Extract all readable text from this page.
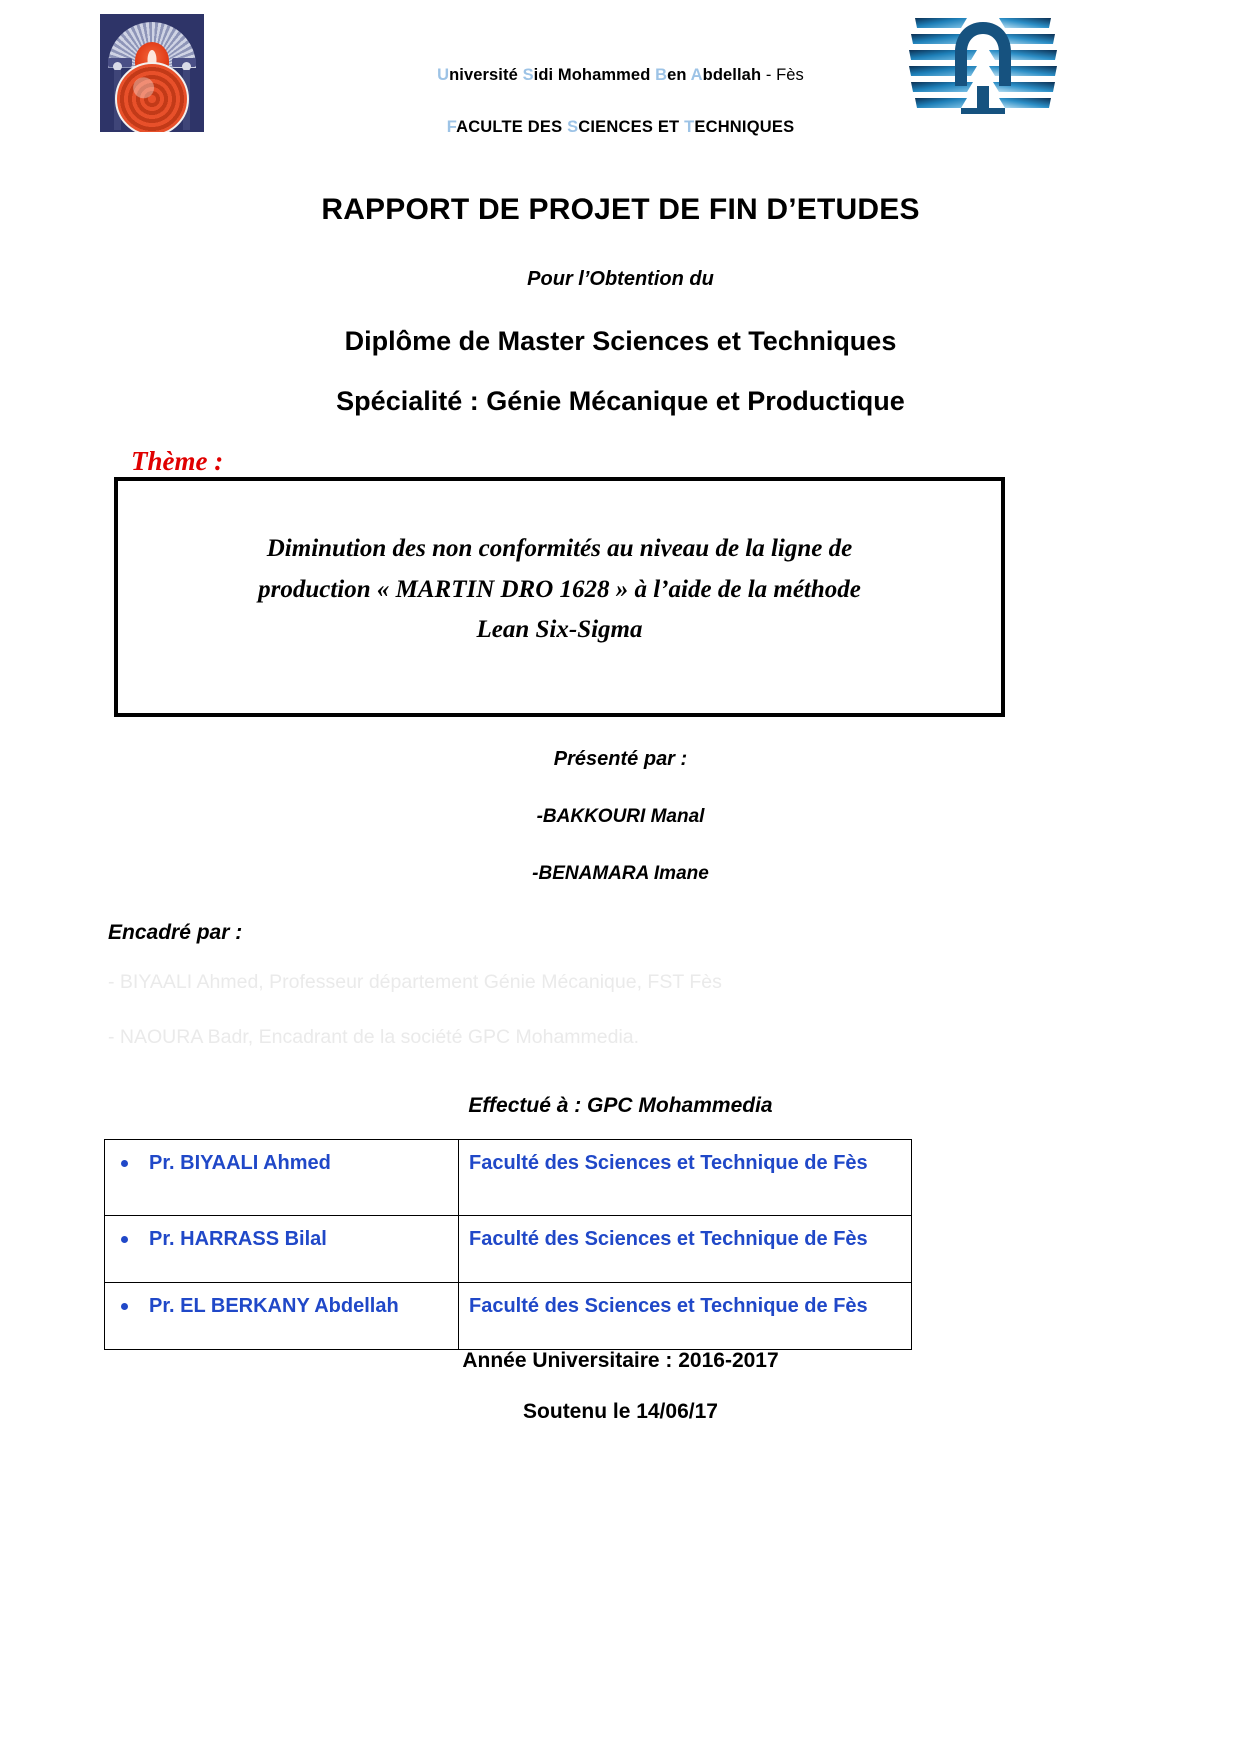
Université Sidi Mohammed Ben Abdellah - Fès
FACULTE DES SCIENCES ET TECHNIQUES
RAPPORT DE PROJET DE FIN D’ETUDES
Pour l’Obtention du
Diplôme de Master Sciences et Techniques
Spécialité : Génie Mécanique et Productique
Thème :
Diminution des non conformités au niveau de la ligne de
production « MARTIN DRO 1628 » à l’aide de la méthode
Lean Six-Sigma
Présenté par :
-BAKKOURI Manal
-BENAMARA Imane
Encadré par :
- BIYAALI Ahmed, Professeur département Génie Mécanique, FST Fès
- NAOURA Badr, Encadrant de la société GPC Mohammedia.
Effectué à : GPC Mohammedia
Pr. BIYAALI Ahmed	Faculté des Sciences et Technique de Fès

Pr. HARRASS Bilal	Faculté des Sciences et Technique de Fès

Pr. EL BERKANY Abdellah	Faculté des Sciences et Technique de Fès
Année Universitaire : 2016-2017
Soutenu le 14/06/17
